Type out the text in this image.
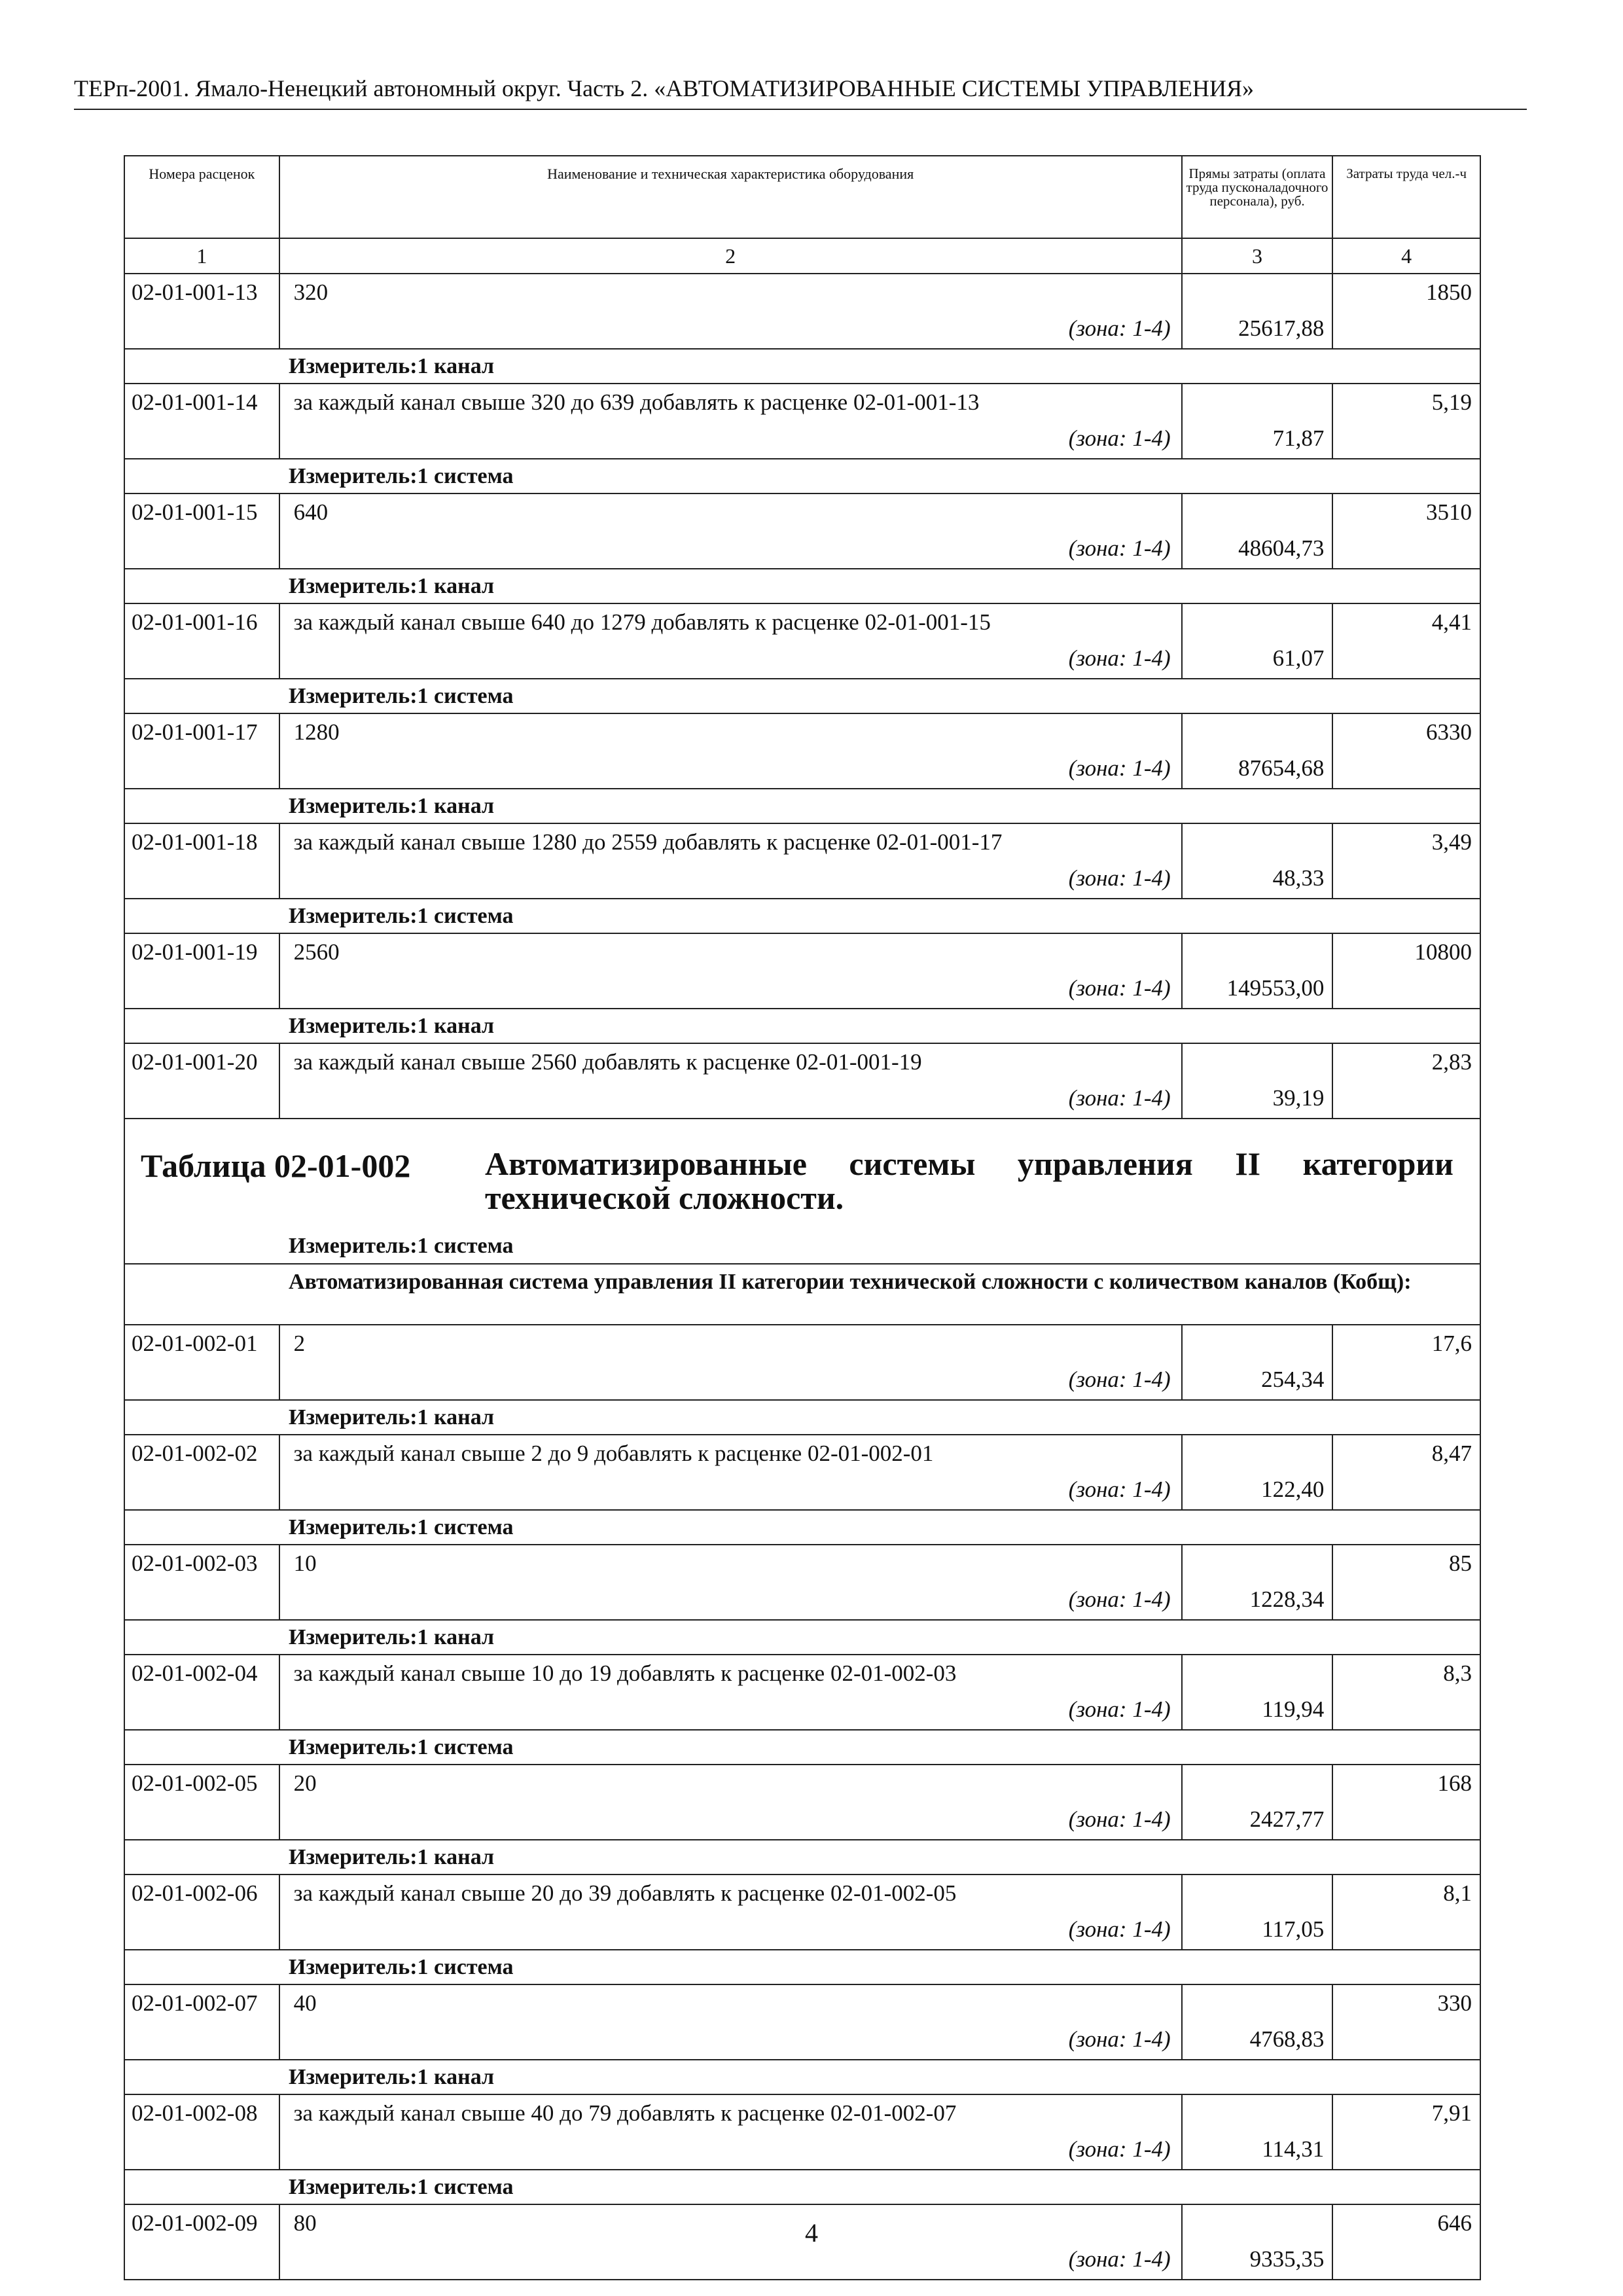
ТЕРп-2001. Ямало-Ненецкий автономный округ. Часть 2. «АВТОМАТИЗИРОВАННЫЕ СИСТЕМЫ УПРАВЛЕНИЯ»
Номера расценок	Наименование и техническая характеристика оборудования	Прямы затраты (оплата труда пусконаладочного персонала), руб.	Затраты труда чел.-ч
1	2	3	4
02-01-001-13	320
(зона: 1-4)	25617,88	1850
Измеритель:1 канал			
02-01-001-14	за каждый канал свыше 320 до 639 добавлять к расценке 02-01-001-13
(зона: 1-4)	71,87	5,19
Измеритель:1 система			
02-01-001-15	640
(зона: 1-4)	48604,73	3510
Измеритель:1 канал			
02-01-001-16	за каждый канал свыше 640 до 1279 добавлять к расценке 02-01-001-15
(зона: 1-4)	61,07	4,41
Измеритель:1 система			
02-01-001-17	1280
(зона: 1-4)	87654,68	6330
Измеритель:1 канал			
02-01-001-18	за каждый канал свыше 1280 до 2559 добавлять к расценке 02-01-001-17
(зона: 1-4)	48,33	3,49
Измеритель:1 система			
02-01-001-19	2560
(зона: 1-4)	149553,00	10800
Измеритель:1 канал			
02-01-001-20	за каждый канал свыше 2560 добавлять к расценке 02-01-001-19
(зона: 1-4)	39,19	2,83

Таблица 02-01-002 Автоматизированные системы управления II категории технической сложности.			

Измеритель:1 система			
Автоматизированная система управления II категории технической сложности с количеством каналов (Кобщ):			
02-01-002-01	2
(зона: 1-4)	254,34	17,6
Измеритель:1 канал			
02-01-002-02	за каждый канал свыше 2 до 9 добавлять к расценке 02-01-002-01
(зона: 1-4)	122,40	8,47
Измеритель:1 система			
02-01-002-03	10
(зона: 1-4)	1228,34	85
Измеритель:1 канал			
02-01-002-04	за каждый канал свыше 10 до 19 добавлять к расценке 02-01-002-03
(зона: 1-4)	119,94	8,3
Измеритель:1 система			
02-01-002-05	20
(зона: 1-4)	2427,77	168
Измеритель:1 канал			
02-01-002-06	за каждый канал свыше 20 до 39 добавлять к расценке 02-01-002-05
(зона: 1-4)	117,05	8,1
Измеритель:1 система			
02-01-002-07	40
(зона: 1-4)	4768,83	330
Измеритель:1 канал			
02-01-002-08	за каждый канал свыше 40 до 79 добавлять к расценке 02-01-002-07
(зона: 1-4)	114,31	7,91
Измеритель:1 система			
02-01-002-09	80
(зона: 1-4)	9335,35	646
4
